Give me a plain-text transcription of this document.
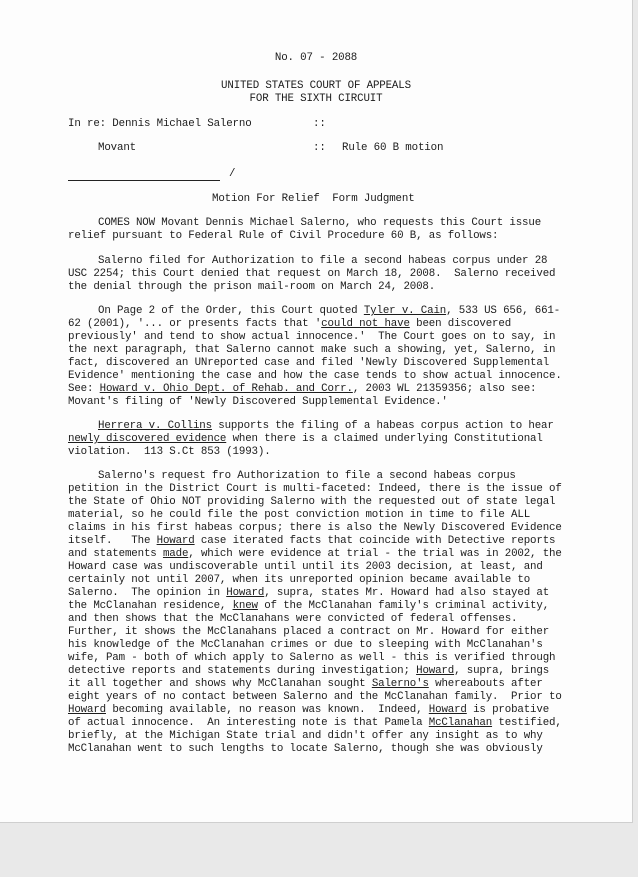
No. 07 - 2088
UNITED STATES COURT OF APPEALS
FOR THE SIXTH CIRCUIT
In re: Dennis Michael Salerno	::
Movant	:: Rule 60 B motion
/
Motion For Relief  Form Judgment
COMES NOW Movant Dennis Michael Salerno, who requests this Court issue
relief pursuant to Federal Rule of Civil Procedure 60 B, as follows:
Salerno filed for Authorization to file a second habeas corpus under 28
USC 2254; this Court denied that request on March 18, 2008.  Salerno received
the denial through the prison mail-room on March 24, 2008.
On Page 2 of the Order, this Court quoted Tyler v. Cain, 533 US 656, 661-
62 (2001), '... or presents facts that 'could not have been discovered
previously' and tend to show actual innocence.'  The Court goes on to say, in
the next paragraph, that Salerno cannot make such a showing, yet, Salerno, in
fact, discovered an UNreported case and filed 'Newly Discovered Supplemental
Evidence' mentioning the case and how the case tends to show actual innocence.
See: Howard v. Ohio Dept. of Rehab. and Corr., 2003 WL 21359356; also see:
Movant's filing of 'Newly Discovered Supplemental Evidence.'
Herrera v. Collins supports the filing of a habeas corpus action to hear
newly discovered evidence when there is a claimed underlying Constitutional
violation.  113 S.Ct 853 (1993).
Salerno's request fro Authorization to file a second habeas corpus
petition in the District Court is multi-faceted: Indeed, there is the issue of
the State of Ohio NOT providing Salerno with the requested out of state legal
material, so he could file the post conviction motion in time to file ALL
claims in his first habeas corpus; there is also the Newly Discovered Evidence
itself.   The Howard case iterated facts that coincide with Detective reports
and statements made, which were evidence at trial - the trial was in 2002, the
Howard case was undiscoverable until until its 2003 decision, at least, and
certainly not until 2007, when its unreported opinion became available to
Salerno.  The opinion in Howard, supra, states Mr. Howard had also stayed at
the McClanahan residence, knew of the McClanahan family's criminal activity,
and then shows that the McClanahans were convicted of federal offenses.
Further, it shows the McClanahans placed a contract on Mr. Howard for either
his knowledge of the McClanahan crimes or due to sleeping with McClanahan's
wife, Pam - both of which apply to Salerno as well - this is verified through
detective reports and statements during investigation; Howard, supra, brings
it all together and shows why McClanahan sought Salerno's whereabouts after
eight years of no contact between Salerno and the McClanahan family.  Prior to
Howard becoming available, no reason was known.  Indeed, Howard is probative
of actual innocence.  An interesting note is that Pamela McClanahan testified,
briefly, at the Michigan State trial and didn't offer any insight as to why
McClanahan went to such lengths to locate Salerno, though she was obviously
